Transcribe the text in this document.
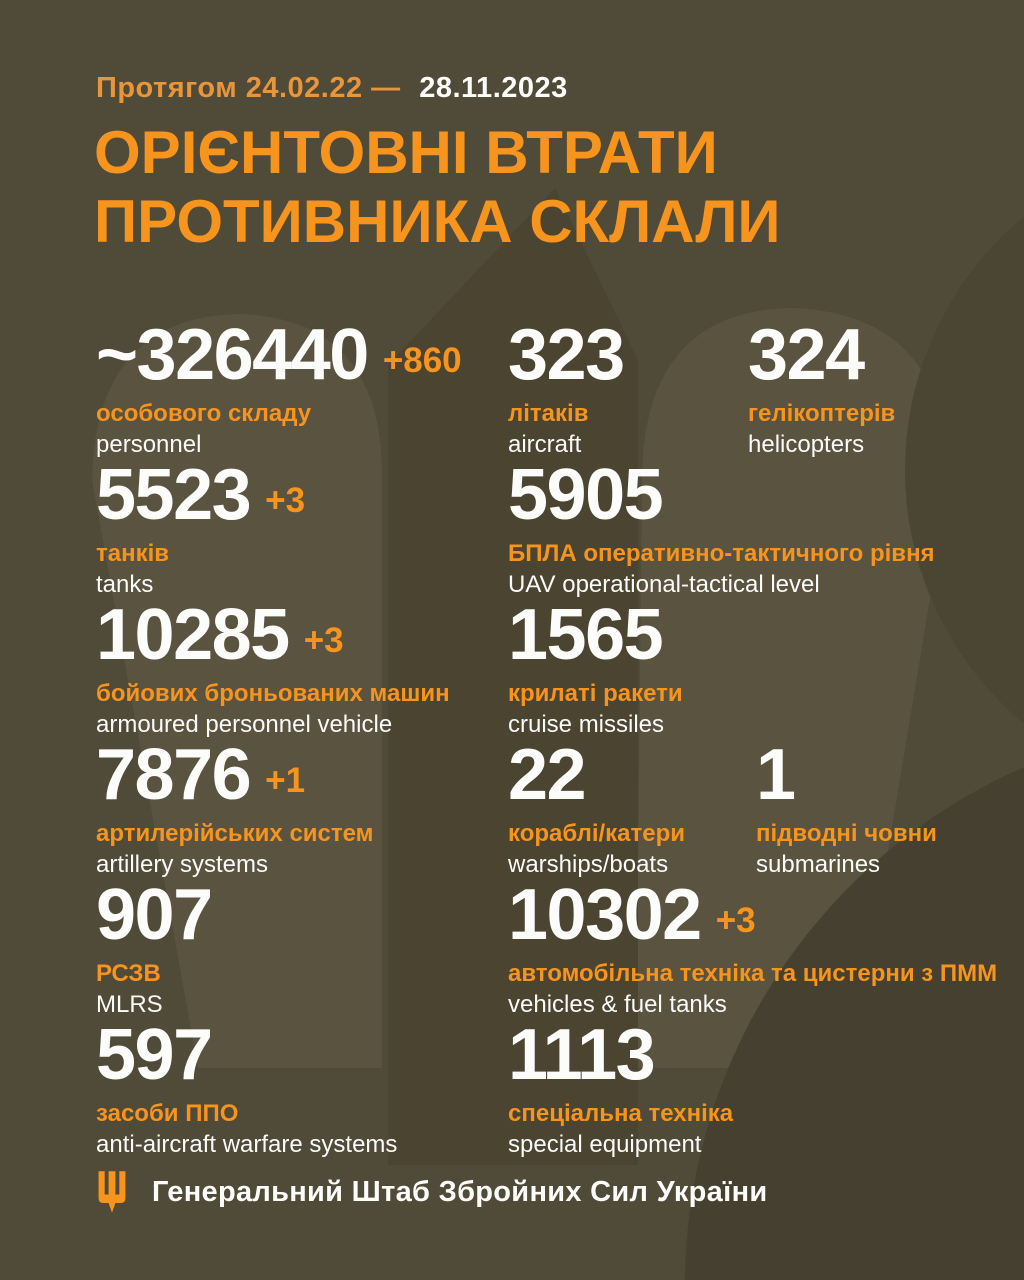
Протягом 24.02.22 — 28.11.2023
ОРІЄНТОВНІ ВТРАТИ
ПРОТИВНИКА СКЛАЛИ
~326440 +860
особового складу
personnel
323
літаків
aircraft
324
гелікоптерів
helicopters
5523 +3
танків
tanks
5905
БПЛА оперативно-тактичного рівня
UAV operational-tactical level
10285 +3
бойових броньованих машин
armoured personnel vehicle
1565
крилаті ракети
cruise missiles
7876 +1
артилерійських систем
artillery systems
22
кораблі/катери
warships/boats
1
підводні човни
submarines
907
РСЗВ
MLRS
10302 +3
автомобільна техніка та цистерни з ПММ
vehicles & fuel tanks
597
засоби ППО
anti-aircraft warfare systems
1113
спеціальна техніка
special equipment
Генеральний Штаб Збройних Сил України
